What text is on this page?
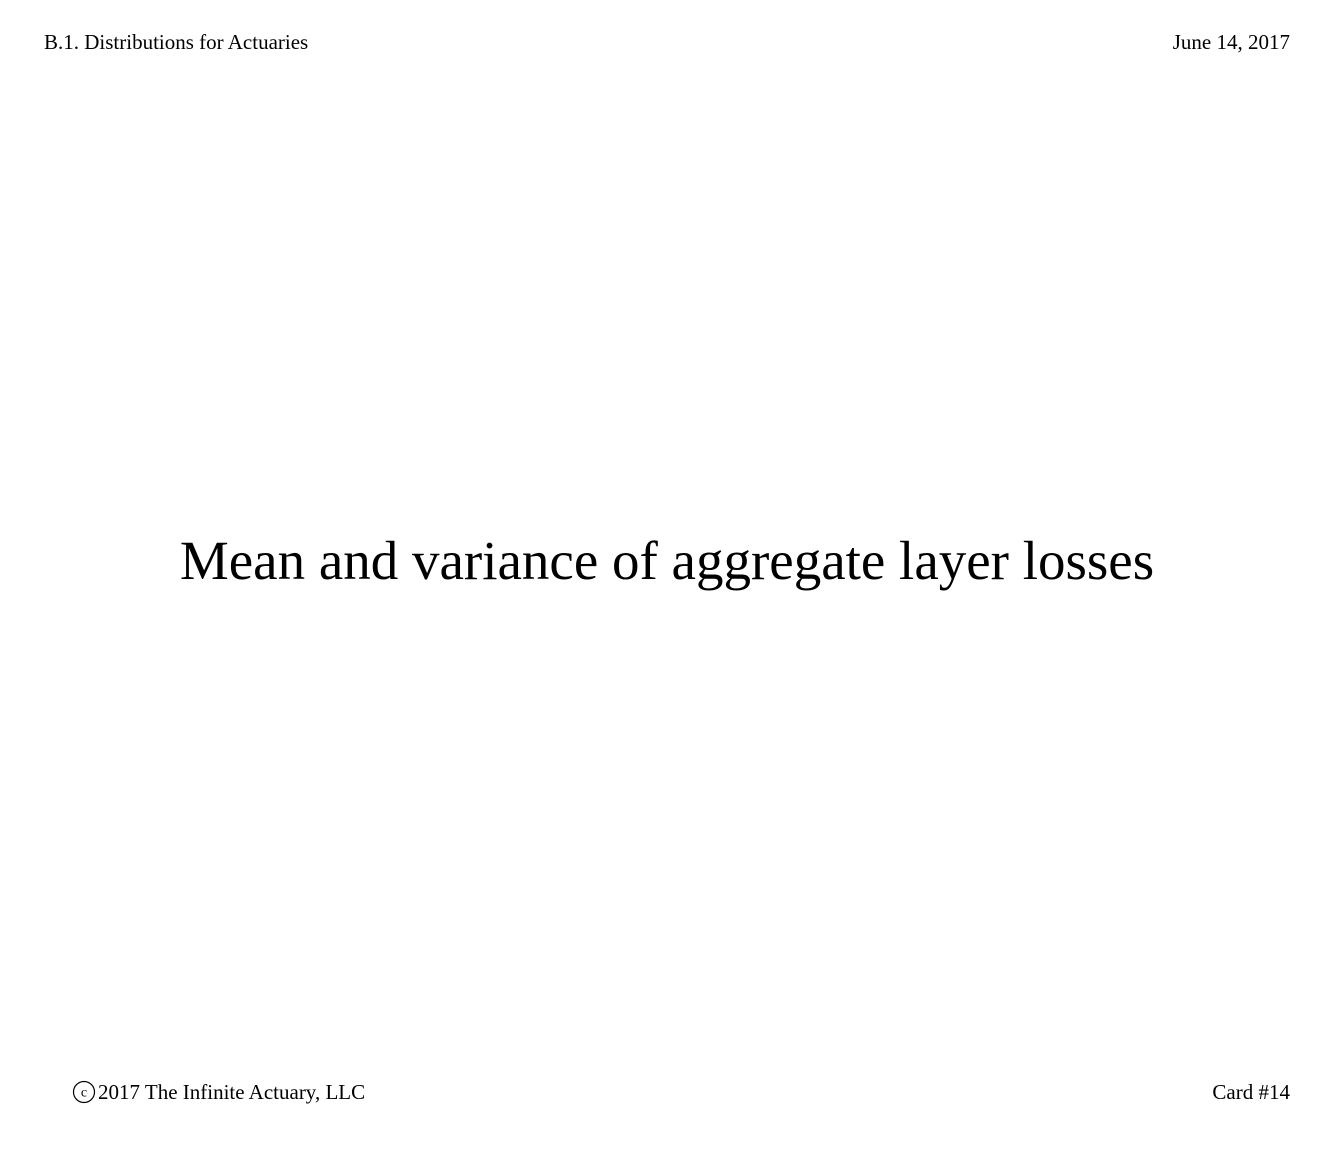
B.1. Distributions for Actuaries	June 14, 2017
Mean and variance of aggregate layer losses
c 2017 The Infinite Actuary, LLC	Card #14
